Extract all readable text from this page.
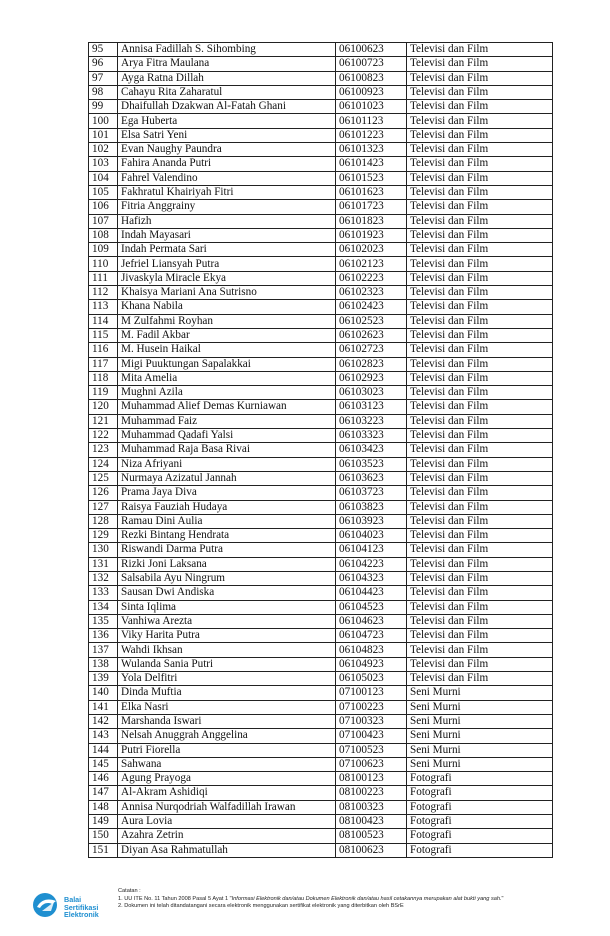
95	Annisa Fadillah S. Sihombing	06100623	Televisi dan Film
96	Arya Fitra Maulana	06100723	Televisi dan Film
97	Ayga Ratna Dillah	06100823	Televisi dan Film
98	Cahayu Rita Zaharatul	06100923	Televisi dan Film
99	Dhaifullah Dzakwan Al-Fatah Ghani	06101023	Televisi dan Film
100	Ega Huberta	06101123	Televisi dan Film
101	Elsa Satri Yeni	06101223	Televisi dan Film
102	Evan Naughy Paundra	06101323	Televisi dan Film
103	Fahira Ananda Putri	06101423	Televisi dan Film
104	Fahrel Valendino	06101523	Televisi dan Film
105	Fakhratul Khairiyah Fitri	06101623	Televisi dan Film
106	Fitria Anggrainy	06101723	Televisi dan Film
107	Hafizh	06101823	Televisi dan Film
108	Indah Mayasari	06101923	Televisi dan Film
109	Indah Permata Sari	06102023	Televisi dan Film
110	Jefriel Liansyah Putra	06102123	Televisi dan Film
111	Jivaskyla Miracle Ekya	06102223	Televisi dan Film
112	Khaisya Mariani Ana Sutrisno	06102323	Televisi dan Film
113	Khana Nabila	06102423	Televisi dan Film
114	M Zulfahmi Royhan	06102523	Televisi dan Film
115	M. Fadil Akbar	06102623	Televisi dan Film
116	M. Husein Haikal	06102723	Televisi dan Film
117	Migi Puuktungan Sapalakkai	06102823	Televisi dan Film
118	Mita Amelia	06102923	Televisi dan Film
119	Mughni Azila	06103023	Televisi dan Film
120	Muhammad Alief Demas Kurniawan	06103123	Televisi dan Film
121	Muhammad Faiz	06103223	Televisi dan Film
122	Muhammad Qadafi Yalsi	06103323	Televisi dan Film
123	Muhammad Raja Basa Rivai	06103423	Televisi dan Film
124	Niza Afriyani	06103523	Televisi dan Film
125	Nurmaya Azizatul Jannah	06103623	Televisi dan Film
126	Prama Jaya Diva	06103723	Televisi dan Film
127	Raisya Fauziah Hudaya	06103823	Televisi dan Film
128	Ramau Dini Aulia	06103923	Televisi dan Film
129	Rezki Bintang Hendrata	06104023	Televisi dan Film
130	Riswandi Darma Putra	06104123	Televisi dan Film
131	Rizki Joni Laksana	06104223	Televisi dan Film
132	Salsabila Ayu Ningrum	06104323	Televisi dan Film
133	Sausan Dwi Andiska	06104423	Televisi dan Film
134	Sinta Iqlima	06104523	Televisi dan Film
135	Vanhiwa Arezta	06104623	Televisi dan Film
136	Viky Harita Putra	06104723	Televisi dan Film
137	Wahdi Ikhsan	06104823	Televisi dan Film
138	Wulanda Sania Putri	06104923	Televisi dan Film
139	Yola Delfitri	06105023	Televisi dan Film
140	Dinda Muftia	07100123	Seni Murni
141	Elka Nasri	07100223	Seni Murni
142	Marshanda Iswari	07100323	Seni Murni
143	Nelsah Anuggrah Anggelina	07100423	Seni Murni
144	Putri Fiorella	07100523	Seni Murni
145	Sahwana	07100623	Seni Murni
146	Agung Prayoga	08100123	Fotografi
147	Al-Akram Ashidiqi	08100223	Fotografi
148	Annisa Nurqodriah Walfadillah Irawan	08100323	Fotografi
149	Aura Lovia	08100423	Fotografi
150	Azahra Zetrin	08100523	Fotografi
151	Diyan Asa Rahmatullah	08100623	Fotografi
Balai
Sertifikasi
Elektronik
Catatan :
1. UU ITE No. 11 Tahun 2008 Pasal 5 Ayat 1 "Informasi Elektronik dan/atau Dokumen Elektronik dan/atau hasil cetakannya merupakan alat bukti yang sah."
2. Dokumen ini telah ditandatangani secara elektronik menggunakan sertifikat elektronik yang diterbitkan oleh BSrE
